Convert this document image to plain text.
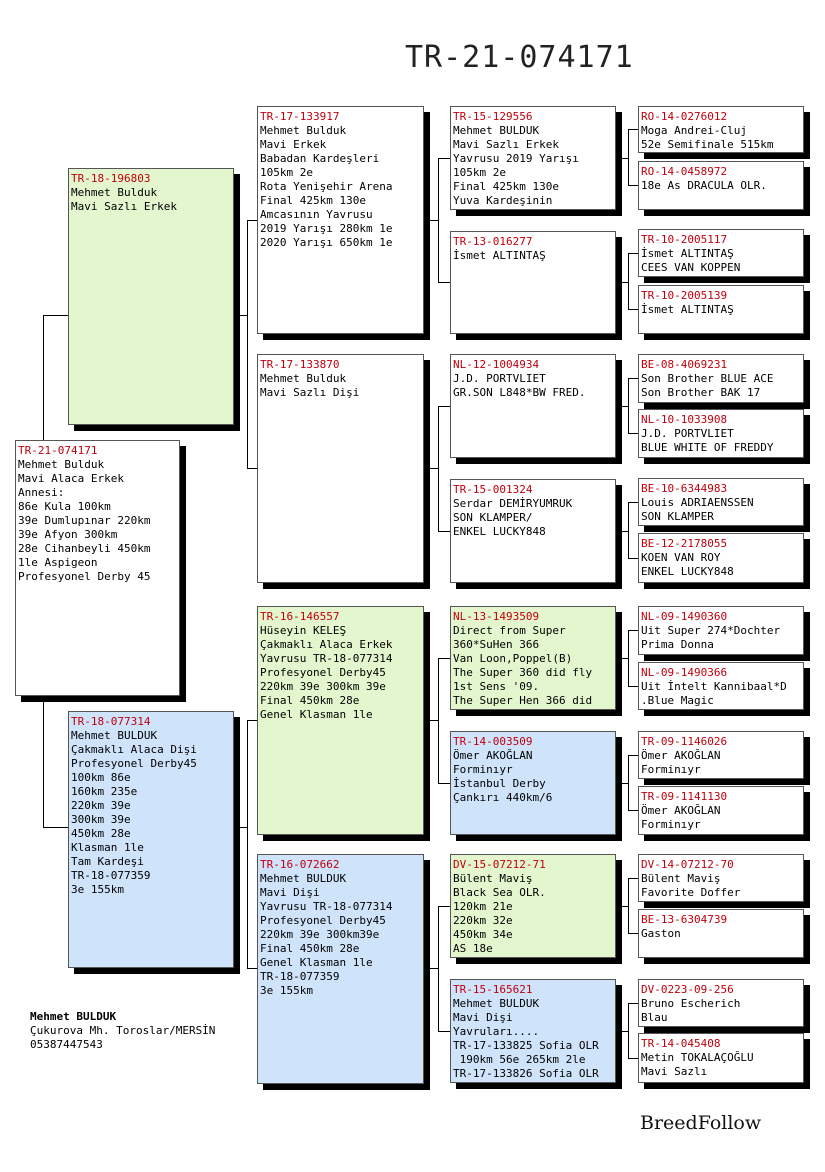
TR-21-074171
TR-21-074171
Mehmet Bulduk
Mavi Alaca Erkek
Annesi:
86e Kula 100km
39e Dumlupınar 220km
39e Afyon 300km
28e Cihanbeyli 450km
1le Aspigeon
Profesyonel Derby 45
TR-18-196803
Mehmet Bulduk
Mavi Sazlı Erkek
TR-18-077314
Mehmet BULDUK
Çakmaklı Alaca Dişi
Profesyonel Derby45
100km 86e
160km 235e
220km 39e
300km 39e
450km 28e
Klasman 1le
Tam Kardeşi
TR-18-077359
3e 155km
TR-17-133917
Mehmet Bulduk
Mavi Erkek
Babadan Kardeşleri
105km 2e
Rota Yenişehir Arena
Final 425km 130e
Amcasının Yavrusu
2019 Yarışı 280km 1e
2020 Yarışı 650km 1e
TR-17-133870
Mehmet Bulduk
Mavi Sazlı Dişi
TR-16-146557
Hüseyin KELEŞ
Çakmaklı Alaca Erkek
Yavrusu TR-18-077314
Profesyonel Derby45
220km 39e 300km 39e
Final 450km 28e
Genel Klasman 1le
TR-16-072662
Mehmet BULDUK
Mavi Dişi
Yavrusu TR-18-077314
Profesyonel Derby45
220km 39e 300km39e
Final 450km 28e
Genel Klasman 1le
TR-18-077359
3e 155km
TR-15-129556
Mehmet BULDUK
Mavi Sazlı Erkek
Yavrusu 2019 Yarışı
105km 2e
Final 425km 130e
Yuva Kardeşinin
TR-13-016277
İsmet ALTINTAŞ
NL-12-1004934
J.D. PORTVLIET
GR.SON L848*BW FRED.
TR-15-001324
Serdar DEMİRYUMRUK
SON KLAMPER/
ENKEL LUCKY848
NL-13-1493509
Direct from Super
360*SuHen 366
Van Loon,Poppel(B)
The Super 360 did fly
1st Sens '09.
The Super Hen 366 did
TR-14-003509
Ömer AKOĞLAN
Forminıyr
İstanbul Derby
Çankırı 440km/6
DV-15-07212-71
Bülent Maviş
Black Sea OLR.
120km 21e
220km 32e
450km 34e
AS 18e
TR-15-165621
Mehmet BULDUK
Mavi Dişi
Yavruları....
TR-17-133825 Sofia OLR
190km 56e 265km 2le
TR-17-133826 Sofia OLR
RO-14-0276012
Moga Andrei-Cluj
52e Semifinale 515km
RO-14-0458972
18e As DRACULA OLR.
TR-10-2005117
İsmet ALTINTAŞ
CEES VAN KOPPEN
TR-10-2005139
İsmet ALTINTAŞ
BE-08-4069231
Son Brother BLUE ACE
Son Brother BAK 17
NL-10-1033908
J.D. PORTVLIET
BLUE WHITE OF FREDDY
BE-10-6344983
Louis ADRIAENSSEN
SON KLAMPER
BE-12-2178055
KOEN VAN ROY
ENKEL LUCKY848
NL-09-1490360
Uit Super 274*Dochter
Prima Donna
NL-09-1490366
Uit İntelt Kannibaal*D
.Blue Magic
TR-09-1146026
Ömer AKOĞLAN
Forminıyr
TR-09-1141130
Ömer AKOĞLAN
Forminıyr
DV-14-07212-70
Bülent Maviş
Favorite Doffer
BE-13-6304739
Gaston
DV-0223-09-256
Bruno Escherich
Blau
TR-14-045408
Metin TOKALAÇOĞLU
Mavi Sazlı
Mehmet BULDUK
Çukurova Mh. Toroslar/MERSİN
05387447543
BreedFollow
